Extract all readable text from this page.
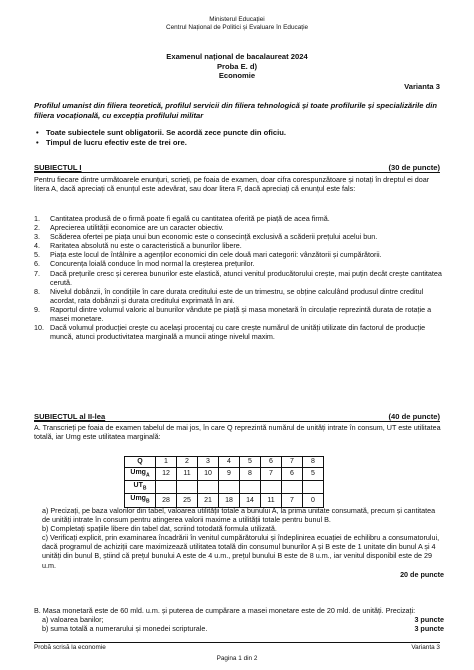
Ministerul Educației
Centrul Național de Politici și Evaluare în Educație
Examenul național de bacalaureat 2024
Proba E. d)
Economie
Varianta 3
Profilul umanist din filiera teoretică, profilul servicii din filiera tehnologică și toate profilurile și specializările din filiera vocațională, cu excepția profilului militar
• Toate subiectele sunt obligatorii. Se acordă zece puncte din oficiu.
• Timpul de lucru efectiv este de trei ore.
SUBIECTUL I	(30 de puncte)
Pentru fiecare dintre următoarele enunțuri, scrieți, pe foaia de examen, doar cifra corespunzătoare și notați în dreptul ei doar litera A, dacă apreciați că enunțul este adevărat, sau doar litera F, dacă apreciați că enunțul este fals:
1. Cantitatea produsă de o firmă poate fi egală cu cantitatea oferită pe piață de acea firmă.
2. Aprecierea utilității economice are un caracter obiectiv.
3. Scăderea ofertei pe piața unui bun economic este o consecință exclusivă a scăderii prețului acelui bun.
4. Raritatea absolută nu este o caracteristică a bunurilor libere.
5. Piața este locul de întâlnire a agenților economici din cele două mari categorii: vânzătorii și cumpărătorii.
6. Concurența loială conduce în mod normal la creșterea prețurilor.
7. Dacă prețurile cresc și cererea bunurilor este elastică, atunci venitul producătorului crește, mai puțin decât crește cantitatea cerută.
8. Nivelul dobânzii, în condițiile în care durata creditului este de un trimestru, se obține calculând produsul dintre creditul acordat, rata dobânzii și durata creditului exprimată în ani.
9. Raportul dintre volumul valoric al bunurilor vândute pe piață și masa monetară în circulație reprezintă durata de rotație a masei monetare.
10. Dacă volumul producției crește cu același procentaj cu care crește numărul de unități utilizate din factorul de producție muncă, atunci productivitatea marginală a muncii atinge nivelul maxim.
SUBIECTUL al II-lea	(40 de puncte)
A. Transcrieți pe foaia de examen tabelul de mai jos, în care Q reprezintă numărul de unități intrate în consum, UT este utilitatea totală, iar Umg este utilitatea marginală:
Q	1	2	3	4	5	6	7	8
Umg$_A$	12	11	10	9	8	7	6	5
$UT_B$								
Umg$_B$	28	25	21	18	14	11	7	0
a) Precizați, pe baza valorilor din tabel, valoarea utilității totale a bunului A, la prima unitate consumată, precum și cantitatea de unități intrate în consum pentru atingerea valorii maxime a utilității totale pentru bunul B.
b) Completați spațiile libere din tabel dat, scriind totodată formula utilizată.
c) Verificați explicit, prin examinarea încadrării în venitul cumpărătorului și îndeplinirea ecuației de echilibru a consumatorului, dacă programul de achiziții care maximizează utilitatea totală din consumul bunurilor A și B este de 1 unitate din bunul A și 4 unități din bunul B, știind că prețul bunului A este de 4 u.m., prețul bunului B este de 8 u.m., iar venitul disponibil este de 29 u.m.
20 de puncte
B. Masa monetară este de 60 mld. u.m. și puterea de cumpărare a masei monetare este de 20 mld. de unități. Precizați:
a) valoarea banilor;	3 puncte
b) suma totală a numerarului și monedei scripturale.	3 puncte
Probă scrisă la economie	Varianta 3
Pagina 1 din 2
